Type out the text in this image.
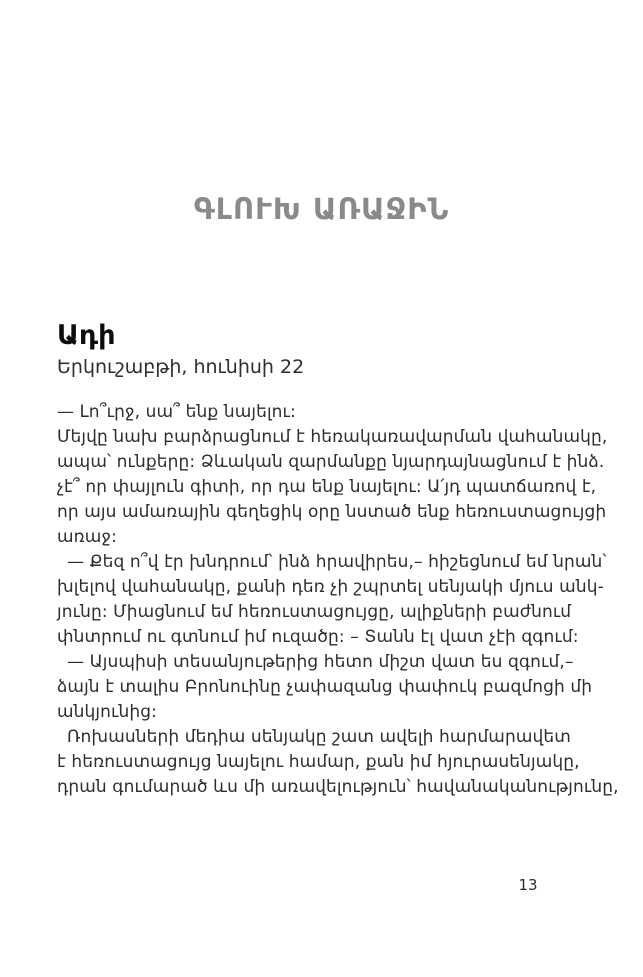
ԳԼՈՒԽ ԱՌԱՋԻՆ
Ադի
Երկուշաբթի, հունիսի 22
— Լո՞ւրջ, սա՞ ենք նայելու:
Մեյվը նախ բարձրացնում է հեռակառավարման վահանակը,
ապա՝ ունքերը: Ձևական զարմանքը նյարդայնացնում է ինձ.
չէ՞ որ փայլուն գիտի, որ դա ենք նայելու: Ա՛յդ պատճառով է,
որ այս ամառային գեղեցիկ օրը նստած ենք հեռուստացույցի
առաջ:
— Քեզ ո՞վ էր խնդրում՝ ինձ հրավիրես,– հիշեցնում եմ նրան՝
խլելով վահանակը, քանի դեռ չի շպրտել սենյակի մյուս անկ-
յունը: Միացնում եմ հեռուստացույցը, ալիքների բաժնում
փնտրում ու գտնում իմ ուզածը: – Տանն էլ վատ չէի զգում:
— Այսպիսի տեսանյութերից հետո միշտ վատ ես զգում,–
ձայն է տալիս Բրոնուինը չափազանց փափուկ բազմոցի մի
անկյունից:
Ռոխասների մեդիա սենյակը շատ ավելի հարմարավետ
է հեռուստացույց նայելու համար, քան իմ հյուրասենյակը,
դրան գումարած ևս մի առավելություն՝ հավանականությունը,
13
